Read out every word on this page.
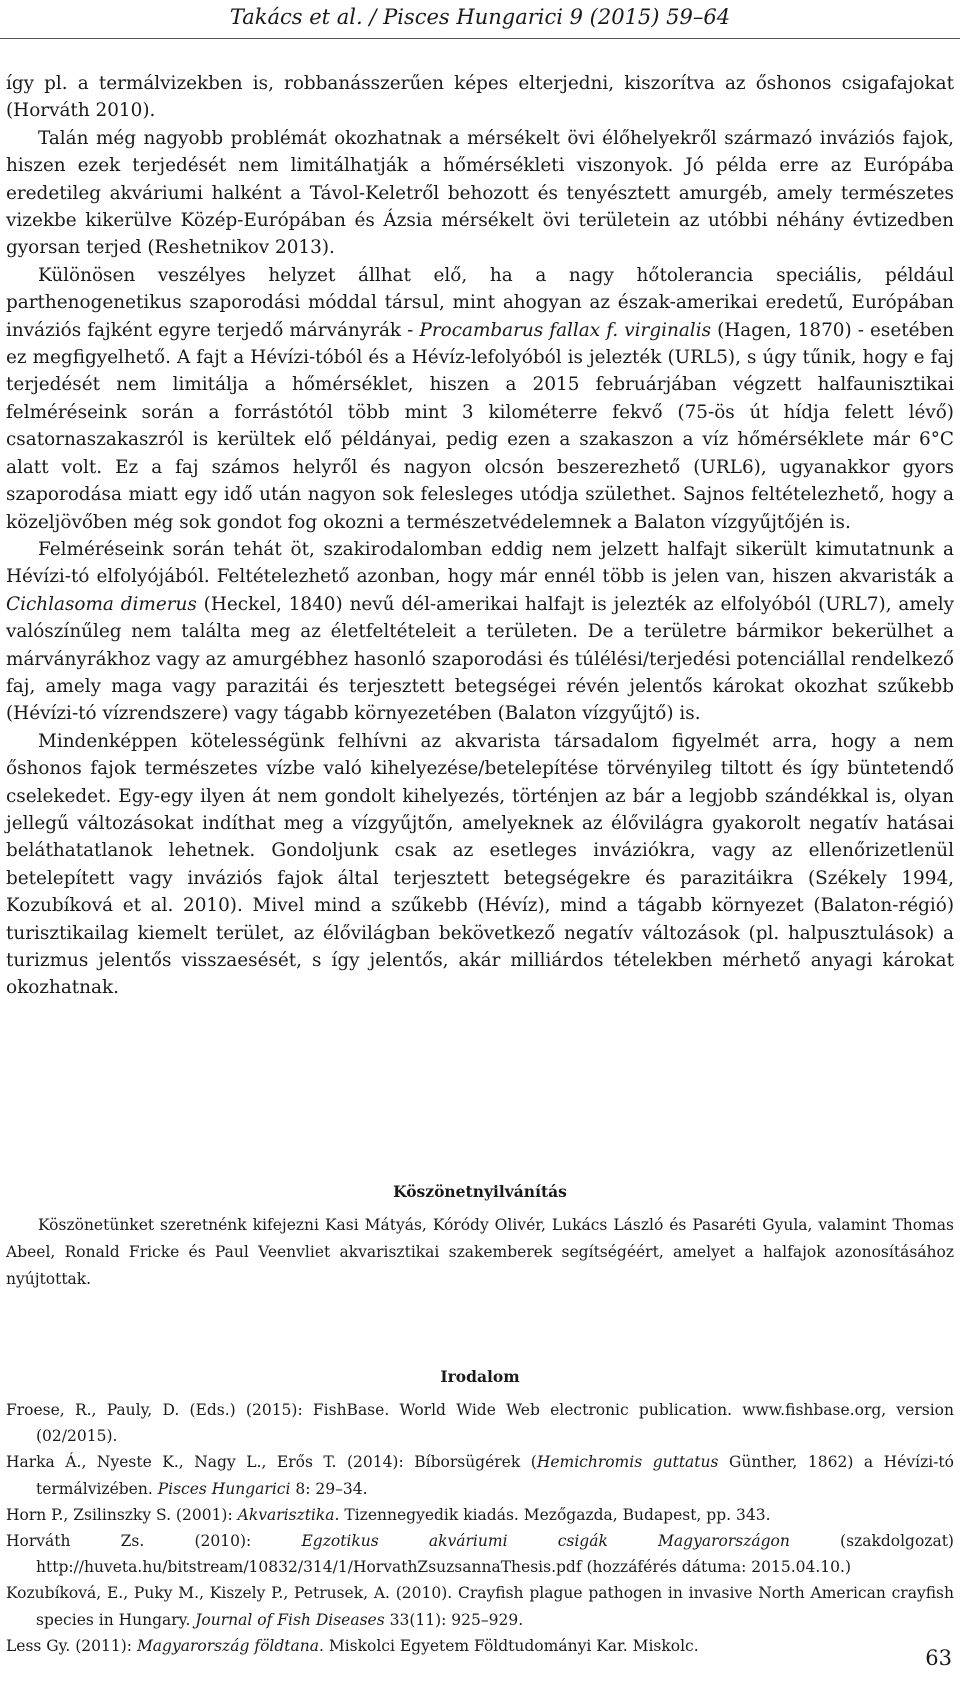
Takács et al. / Pisces Hungarici 9 (2015) 59–64

így pl. a termálvizekben is, robbanásszerűen képes elterjedni, kiszorítva az őshonos csigafajokat (Horváth 2010).

Talán még nagyobb problémát okozhatnak a mérsékelt övi élőhelyekről származó inváziós fajok, hiszen ezek terjedését nem limitálhatják a hőmérsékleti viszonyok. Jó példa erre az Európába eredetileg akváriumi halként a Távol-Keletről behozott és tenyésztett amurgéb, amely természetes vizekbe kikerülve Közép-Európában és Ázsia mérsékelt övi területein az utóbbi néhány évtizedben gyorsan terjed (Reshetnikov 2013).

Különösen veszélyes helyzet állhat elő, ha a nagy hőtolerancia speciális, például parthenogenetikus szaporodási móddal társul, mint ahogyan az észak-amerikai eredetű, Európában inváziós fajként egyre terjedő márványrák - Procambarus fallax f. virginalis (Hagen, 1870) - esetében ez megfigyelhető. A fajt a Hévízi-tóból és a Hévíz-lefolyóból is jelezték (URL5), s úgy tűnik, hogy e faj terjedését nem limitálja a hőmérséklet, hiszen a 2015 februárjában végzett halfaunisztikai felméréseink során a forrástótól több mint 3 kilométerre fekvő (75-ös út hídja felett lévő) csatornaszakaszról is kerültek elő példányai, pedig ezen a szakaszon a víz hőmérséklete már 6°C alatt volt. Ez a faj számos helyről és nagyon olcsón beszerezhető (URL6), ugyanakkor gyors szaporodása miatt egy idő után nagyon sok felesleges utódja születhet. Sajnos feltételezhető, hogy a közeljövőben még sok gondot fog okozni a természetvédelemnek a Balaton vízgyűjtőjén is.

Felméréseink során tehát öt, szakirodalomban eddig nem jelzett halfajt sikerült kimutatnunk a Hévízi-tó elfolyójából. Feltételezhető azonban, hogy már ennél több is jelen van, hiszen akvaristák a Cichlasoma dimerus (Heckel, 1840) nevű dél-amerikai halfajt is jelezték az elfolyóból (URL7), amely valószínűleg nem találta meg az életfeltételeit a területen. De a területre bármikor bekerülhet a márványrákhoz vagy az amurgébhez hasonló szaporodási és túlélési/terjedési potenciállal rendelkező faj, amely maga vagy parazitái és terjesztett betegségei révén jelentős károkat okozhat szűkebb (Hévízi-tó vízrendszere) vagy tágabb környezetében (Balaton vízgyűjtő) is.

Mindenképpen kötelességünk felhívni az akvarista társadalom figyelmét arra, hogy a nem őshonos fajok természetes vízbe való kihelyezése/betelepítése törvényileg tiltott és így büntetendő cselekedet. Egy-egy ilyen át nem gondolt kihelyezés, történjen az bár a legjobb szándékkal is, olyan jellegű változásokat indíthat meg a vízgyűjtőn, amelyeknek az élővilágra gyakorolt negatív hatásai beláthatatlanok lehetnek. Gondoljunk csak az esetleges inváziókra, vagy az ellenőrizetlenül betelepített vagy inváziós fajok által terjesztett betegségekre és parazitáikra (Székely 1994, Kozubíková et al. 2010). Mivel mind a szűkebb (Hévíz), mind a tágabb környezet (Balaton-régió) turisztikailag kiemelt terület, az élővilágban bekövetkező negatív változások (pl. halpusztulások) a turizmus jelentős visszaesését, s így jelentős, akár milliárdos tételekben mérhető anyagi károkat okozhatnak.

Köszönetnyilvánítás

Köszönetünket szeretnénk kifejezni Kasi Mátyás, Kóródy Olivér, Lukács László és Pasaréti Gyula, valamint Thomas Abeel, Ronald Fricke és Paul Veenvliet akvarisztikai szakemberek segítségéért, amelyet a halfajok azonosításához nyújtottak.

Irodalom

Froese, R., Pauly, D. (Eds.) (2015): FishBase. World Wide Web electronic publication. www.fishbase.org, version (02/2015).

Harka Á., Nyeste K., Nagy L., Erős T. (2014): Bíborsügérek (Hemichromis guttatus Günther, 1862) a Hévízi-tó termálvizében. Pisces Hungarici 8: 29–34.

Horn P., Zsilinszky S. (2001): Akvarisztika. Tizennegyedik kiadás. Mezőgazda, Budapest, pp. 343.

Horváth Zs. (2010): Egzotikus akváriumi csigák Magyarországon (szakdolgozat) http://huveta.hu/bitstream/10832/314/1/HorvathZsuzsannaThesis.pdf (hozzáférés dátuma: 2015.04.10.)

Kozubíková, E., Puky M., Kiszely P., Petrusek, A. (2010). Crayfish plague pathogen in invasive North American crayfish species in Hungary. Journal of Fish Diseases 33(11): 925–929.

Less Gy. (2011): Magyarország földtana. Miskolci Egyetem Földtudományi Kar. Miskolc.

63
